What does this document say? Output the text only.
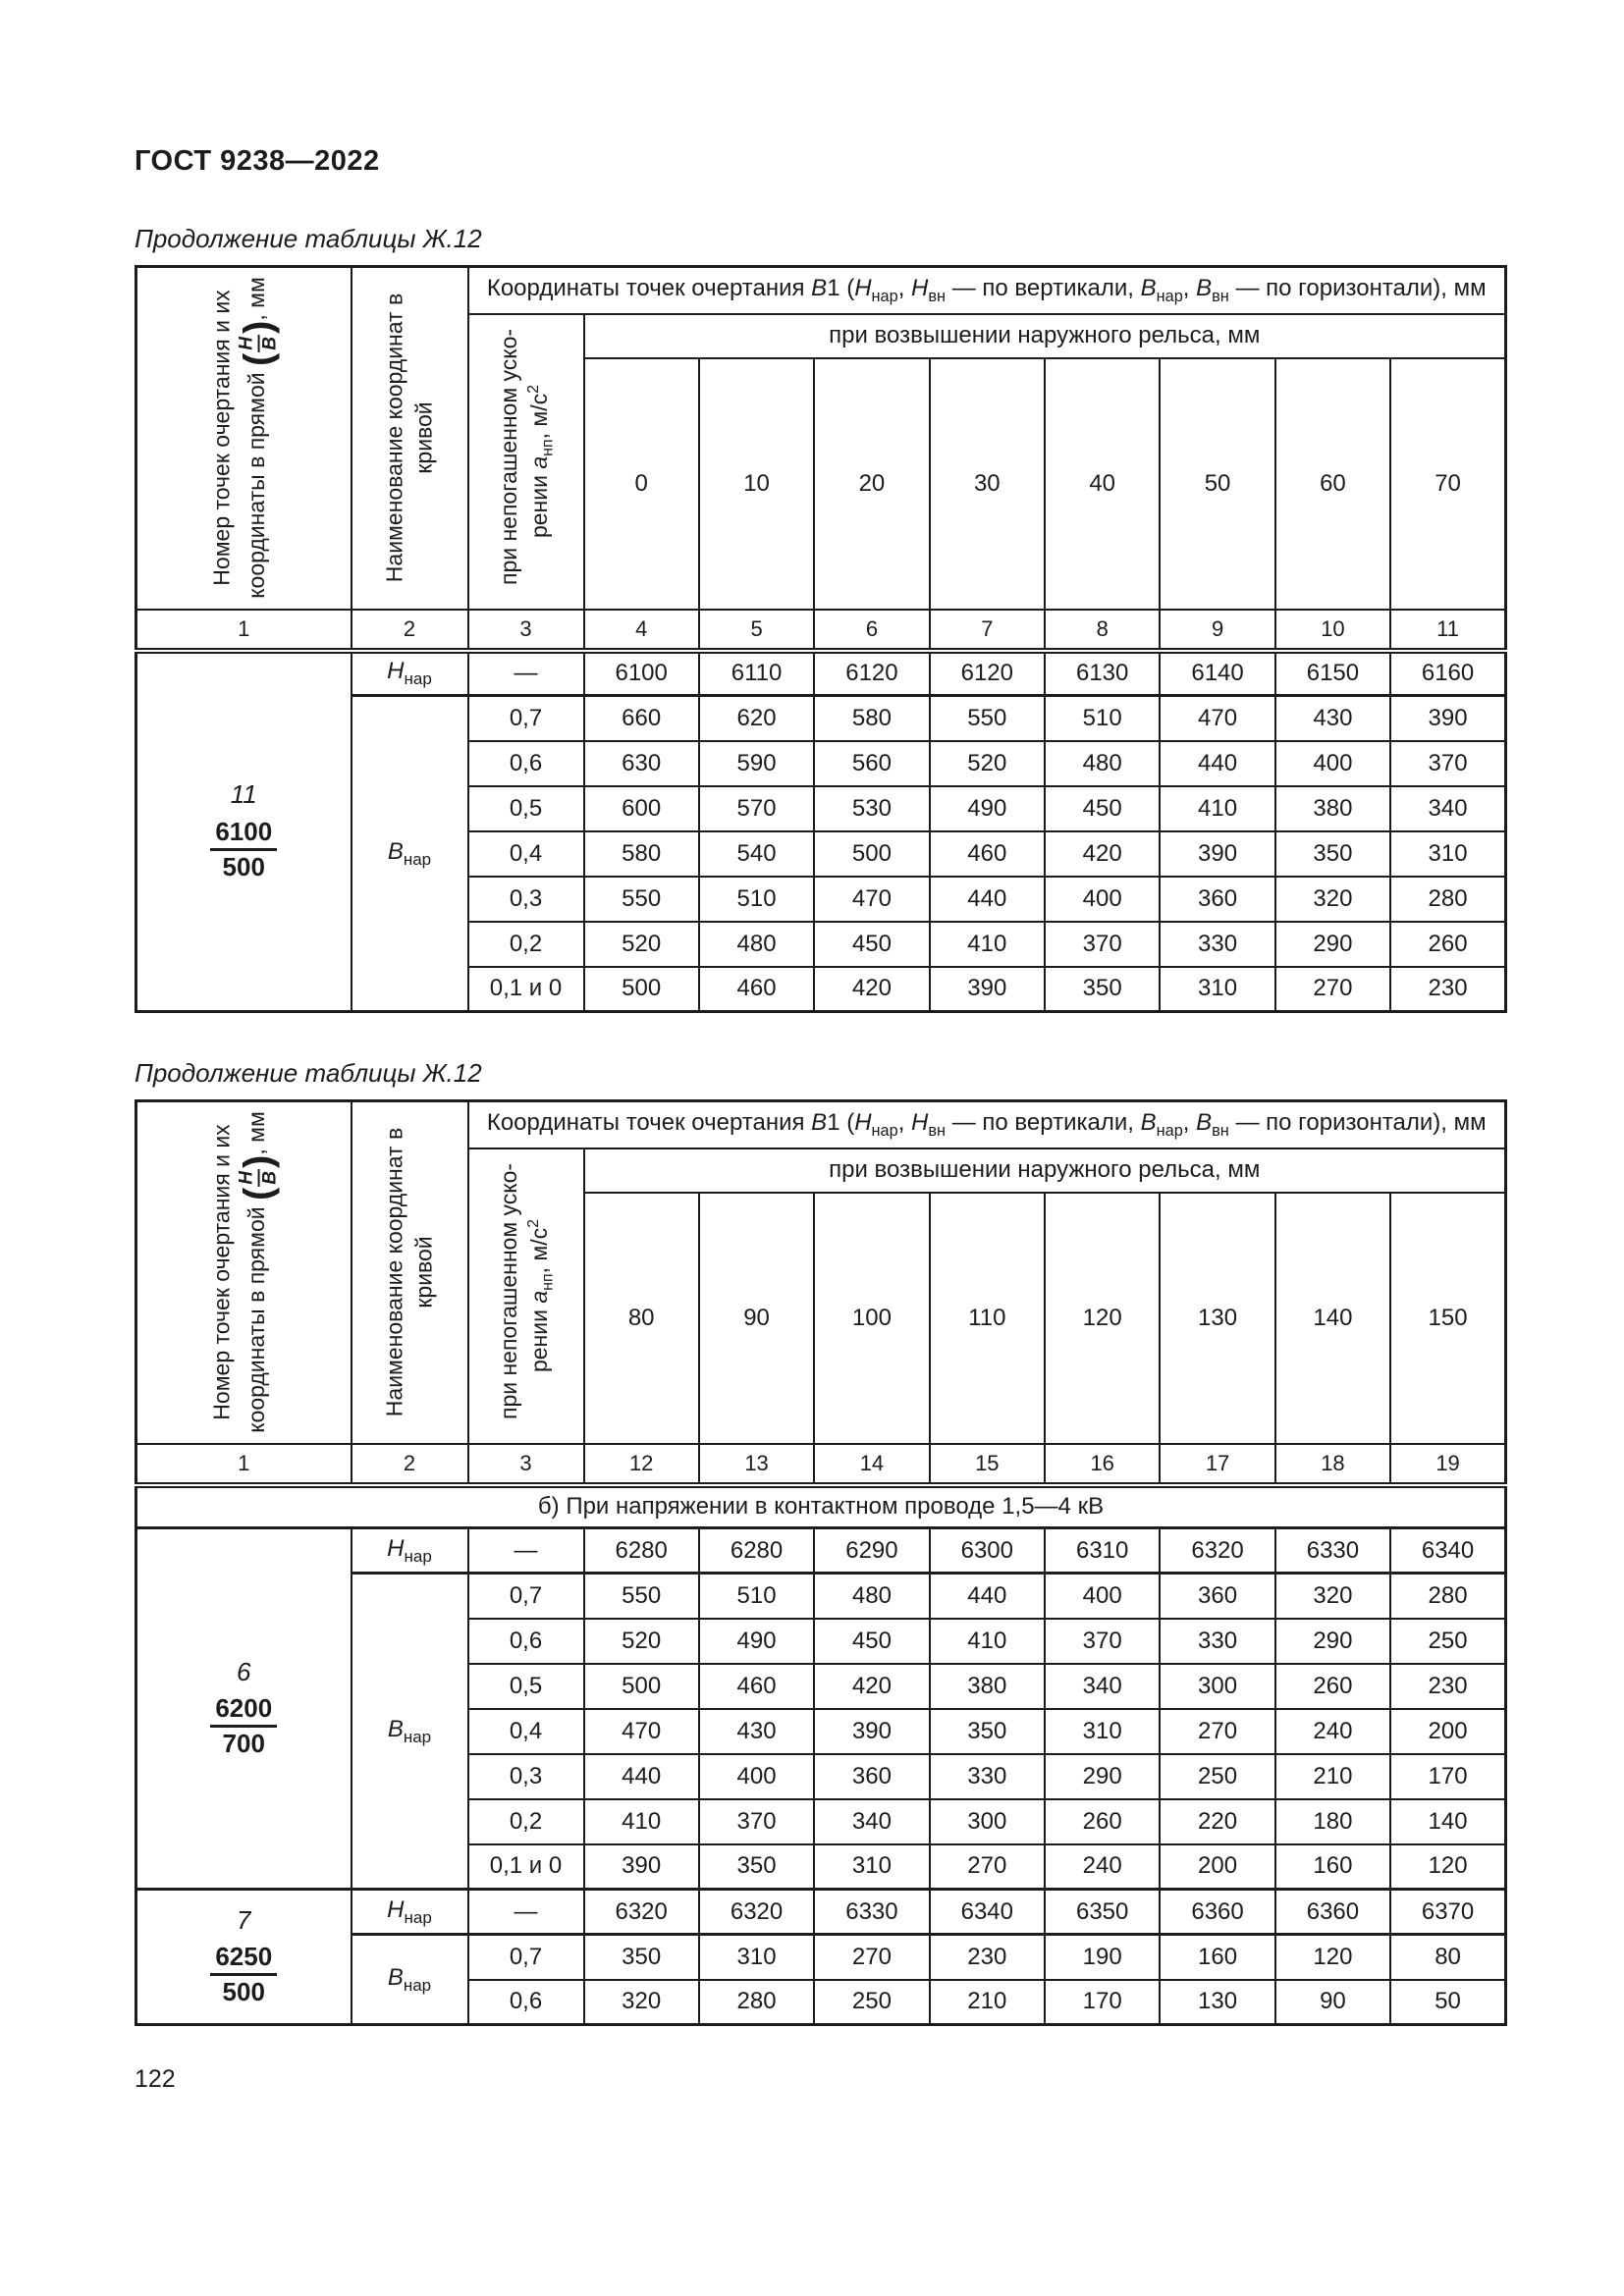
ГОСТ 9238—2022
Продолжение таблицы Ж.12
Номер точек очертания и их координаты в прямой (
Н В
), мм	Наименование координат в кривой	Координаты точек очертания В1 ($Н_{нар}$, $Н_{вн}$ — по вертикали, $В_{нар}$, $В_{вн}$ — по горизонтали), мм								

		при непогашенном уско- рении $а_{нп}$, $м/с^2$	при возвышении наружного рельса, мм							
			0	10	20	30	40	50	60	70
1	2	3	4	5	6	7	8	9	10	11

11
$\frac{6100}{500}$	$Н_{нар}$	—	6100	6110	6120	6120	6130	6140	6150	6160
	$В_{нар}$	0,7	660	620	580	550	510	470	430	390
		0,6	630	590	560	520	480	440	400	370
		0,5	600	570	530	490	450	410	380	340
		0,4	580	540	500	460	420	390	350	310
		0,3	550	510	470	440	400	360	320	280
		0,2	520	480	450	410	370	330	290	260
		0,1 и 0	500	460	420	390	350	310	270	230
Продолжение таблицы Ж.12
Номер точек очертания и их координаты в прямой (
Н В
), мм	Наименование координат в кривой	Координаты точек очертания В1 ($Н_{нар}$, $Н_{вн}$ — по вертикали, $В_{нар}$, $В_{вн}$ — по горизонтали), мм								

		при непогашенном уско- рении $а_{нп}$, $м/с^2$	при возвышении наружного рельса, мм							
			80	90	100	110	120	130	140	150
1	2	3	12	13	14	15	16	17	18	19
б) При напряжении в контактном проводе 1,5—4 кВ										

6
$\frac{6200}{700}$	$Н_{нар}$	—	6280	6280	6290	6300	6310	6320	6330	6340
	$В_{нар}$	0,7	550	510	480	440	400	360	320	280
		0,6	520	490	450	410	370	330	290	250
		0,5	500	460	420	380	340	300	260	230
		0,4	470	430	390	350	310	270	240	200
		0,3	440	400	360	330	290	250	210	170
		0,2	410	370	340	300	260	220	180	140
		0,1 и 0	390	350	310	270	240	200	160	120

7
$\frac{6250}{500}$	$Н_{нар}$	—	6320	6320	6330	6340	6350	6360	6360	6370
	$В_{нар}$	0,7	350	310	270	230	190	160	120	80
		0,6	320	280	250	210	170	130	90	50
122
